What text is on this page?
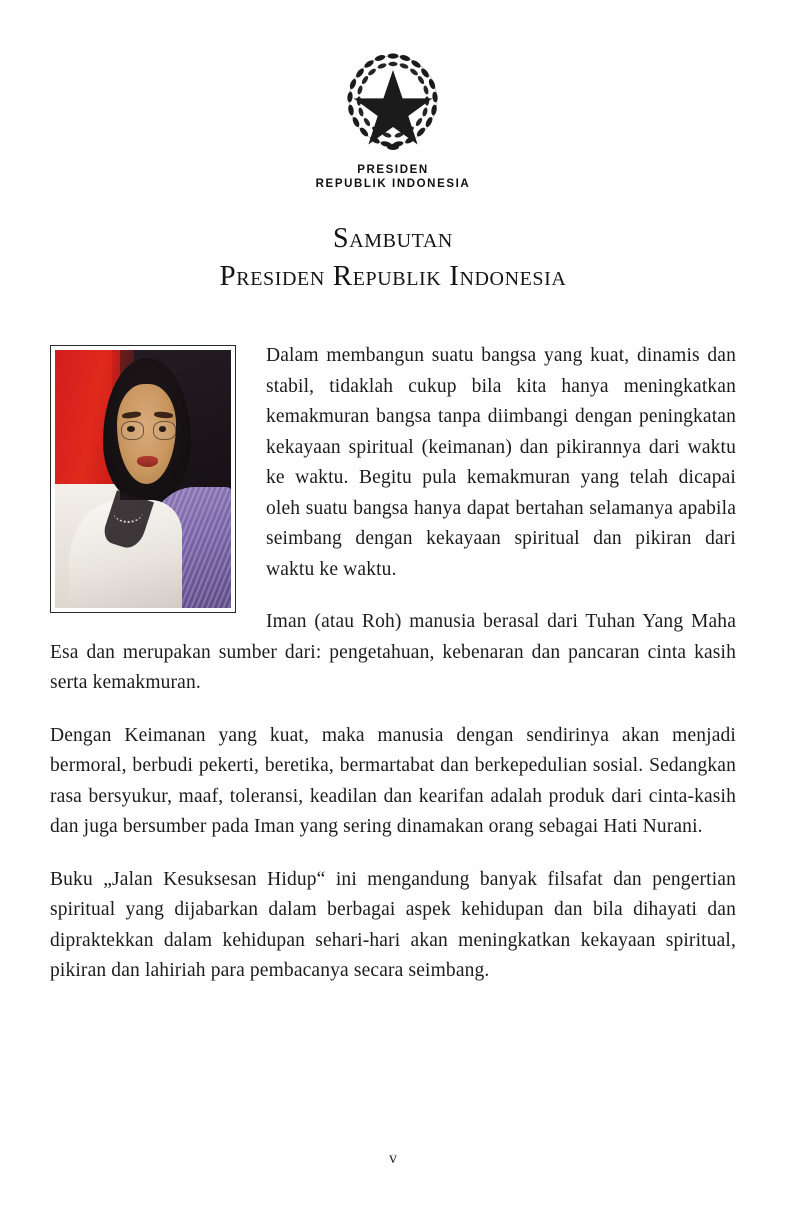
PRESIDEN
REPUBLIK INDONESIA
Sambutan
Presiden Republik Indonesia

Dalam membangun suatu bangsa yang kuat, dinamis dan stabil, tidaklah cukup bila kita hanya meningkatkan kemakmuran bangsa tanpa diimbangi dengan peningkatan kekayaan spiritual (keimanan) dan pikirannya dari waktu ke waktu. Begitu pula kemakmuran yang telah dicapai oleh suatu bangsa hanya dapat bertahan selamanya apabila seimbang dengan kekayaan spiritual dan pikiran dari waktu ke waktu.

Iman (atau Roh) manusia berasal dari Tuhan Yang Maha Esa dan merupakan sumber dari: pengetahuan, kebenaran dan pancaran cinta kasih serta kemakmuran.

Dengan Keimanan yang kuat, maka manusia dengan sendirinya akan menjadi bermoral, berbudi pekerti, beretika, bermartabat dan berkepedulian sosial. Sedangkan rasa bersyukur, maaf, toleransi, keadilan dan kearifan adalah produk dari cinta-kasih dan juga bersumber pada Iman yang sering dinamakan orang sebagai Hati Nurani.

Buku „Jalan Kesuksesan Hidup“ ini mengandung banyak filsafat dan pengertian spiritual yang dijabarkan dalam berbagai aspek kehidupan dan bila dihayati dan dipraktekkan dalam kehidupan sehari-hari akan meningkatkan kekayaan spiritual, pikiran dan lahiriah para pembacanya secara seimbang.

v
